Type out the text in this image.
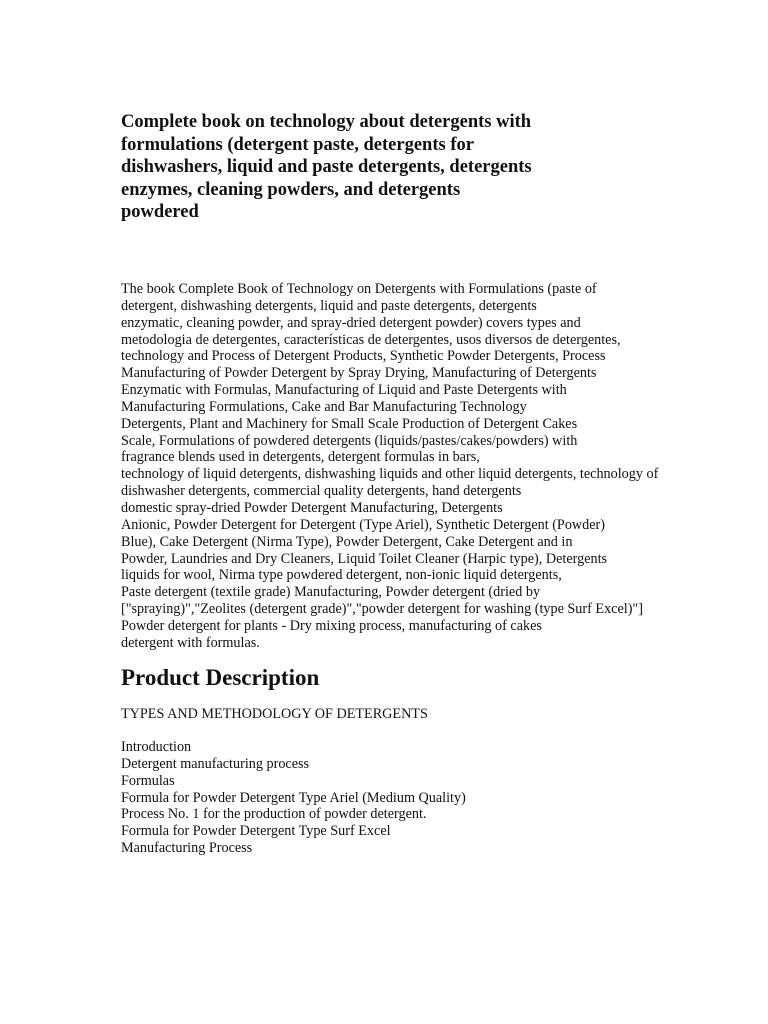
Complete book on technology about detergents with
formulations (detergent paste, detergents for
dishwashers, liquid and paste detergents, detergents
enzymes, cleaning powders, and detergents
powdered

The book Complete Book of Technology on Detergents with Formulations (paste of
detergent, dishwashing detergents, liquid and paste detergents, detergents
enzymatic, cleaning powder, and spray-dried detergent powder) covers types and
metodologia de detergentes, características de detergentes, usos diversos de detergentes,
technology and Process of Detergent Products, Synthetic Powder Detergents, Process
Manufacturing of Powder Detergent by Spray Drying, Manufacturing of Detergents
Enzymatic with Formulas, Manufacturing of Liquid and Paste Detergents with
Manufacturing Formulations, Cake and Bar Manufacturing Technology
Detergents, Plant and Machinery for Small Scale Production of Detergent Cakes
Scale, Formulations of powdered detergents (liquids/pastes/cakes/powders) with
fragrance blends used in detergents, detergent formulas in bars,
technology of liquid detergents, dishwashing liquids and other liquid detergents, technology of
dishwasher detergents, commercial quality detergents, hand detergents
domestic spray-dried Powder Detergent Manufacturing, Detergents
Anionic, Powder Detergent for Detergent (Type Ariel), Synthetic Detergent (Powder)
Blue), Cake Detergent (Nirma Type), Powder Detergent, Cake Detergent and in
Powder, Laundries and Dry Cleaners, Liquid Toilet Cleaner (Harpic type), Detergents
liquids for wool, Nirma type powdered detergent, non-ionic liquid detergents,
Paste detergent (textile grade) Manufacturing, Powder detergent (dried by
["spraying)","Zeolites (detergent grade)","powder detergent for washing (type Surf Excel)"]
Powder detergent for plants - Dry mixing process, manufacturing of cakes
detergent with formulas.

Product Description

TYPES AND METHODOLOGY OF DETERGENTS

Introduction
Detergent manufacturing process
Formulas
Formula for Powder Detergent Type Ariel (Medium Quality)
Process No. 1 for the production of powder detergent.
Formula for Powder Detergent Type Surf Excel
Manufacturing Process
